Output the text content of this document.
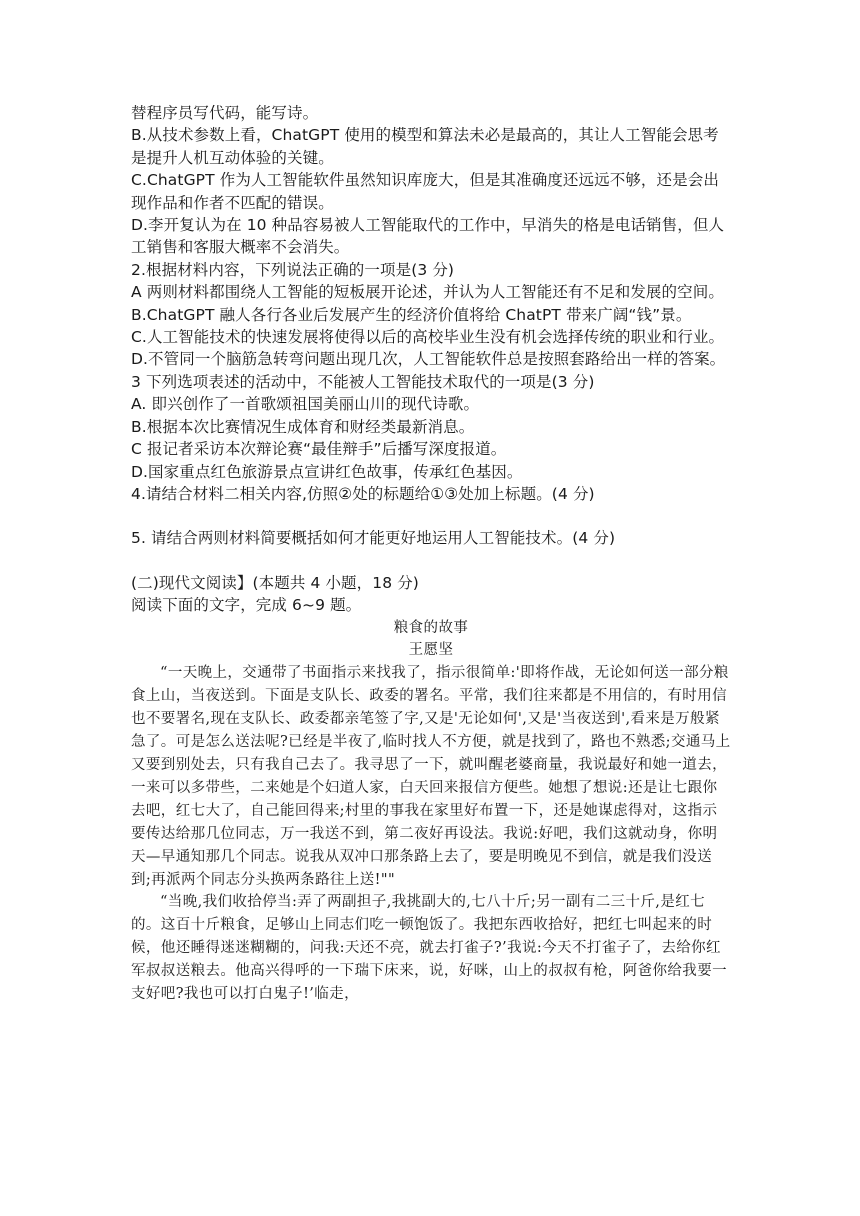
替程序员写代码，能写诗。

B.从技术参数上看，ChatGPT 使用的模型和算法未必是最高的，其让人工智能会思考是提升人机互动体验的关键。

C.ChatGPT 作为人工智能软件虽然知识库庞大，但是其准确度还远远不够，还是会出现作品和作者不匹配的错误。

D.李开复认为在 10 种品容易被人工智能取代的工作中，早消失的格是电话销售，但人工销售和客服大概率不会消失。

2.根据材料内容，下列说法正确的一项是(3 分)

A 两则材料都围绕人工智能的短板展开论述，并认为人工智能还有不足和发展的空间。

B.ChatGPT 融人各行各业后发展产生的经济价值将给 ChatPT 带来广阔“钱”景。

C.人工智能技术的快速发展将使得以后的高校毕业生没有机会选择传统的职业和行业。

D.不管同一个脑筋急转弯问题出现几次，人工智能软件总是按照套路给出一样的答案。

3 下列选项表述的活动中，不能被人工智能技术取代的一项是(3 分)

A. 即兴创作了一首歌颂祖国美丽山川的现代诗歌。

B.根据本次比赛情况生成体育和财经类最新消息。

C 报记者采访本次辩论赛“最佳辩手”后播写深度报道。

D.国家重点红色旅游景点宣讲红色故事，传承红色基因。

4.请结合材料二相关内容,仿照②处的标题给①③处加上标题。(4 分)

5. 请结合两则材料简要概括如何才能更好地运用人工智能技术。(4 分)

(二)现代文阅读】(本题共 4 小题，18 分)

阅读下面的文字，完成 6~9 题。

粮食的故事

王愿坚

“一天晚上，交通带了书面指示来找我了，指示很简单:'即将作战，无论如何送一部分粮食上山，当夜送到。下面是支队长、政委的署名。平常，我们往来都是不用信的，有时用信也不要署名,现在支队长、政委都亲笔签了字,又是'无论如何',又是'当夜送到',看来是万般紧急了。可是怎么送法呢?已经是半夜了,临时找人不方便，就是找到了，路也不熟悉;交通马上又要到别处去，只有我自己去了。我寻思了一下，就叫醒老婆商量，我说最好和她一道去，一来可以多带些，二来她是个妇道人家，白天回来报信方便些。她想了想说:还是让七跟你去吧，红七大了，自己能回得来;村里的事我在家里好布置一下，还是她谋虑得对，这指示要传达给那几位同志，万一我送不到，第二夜好再设法。我说:好吧，我们这就动身，你明天—早通知那几个同志。说我从双冲口那条路上去了，要是明晚见不到信，就是我们没送到;再派两个同志分头换两条路往上送!""

“当晚,我们收拾停当:弄了两副担子,我挑副大的,七八十斤;另一副有二三十斤,是红七的。这百十斤粮食，足够山上同志们吃一顿饱饭了。我把东西收拾好，把红七叫起来的时候，他还睡得迷迷糊糊的，问我:天还不亮，就去打雀子?’我说:今天不打雀子了，去给你红军叔叔送粮去。他高兴得呼的一下瑞下床来，说，好咪，山上的叔叔有枪，阿爸你给我要一支好吧?我也可以打白鬼子!’临走，
